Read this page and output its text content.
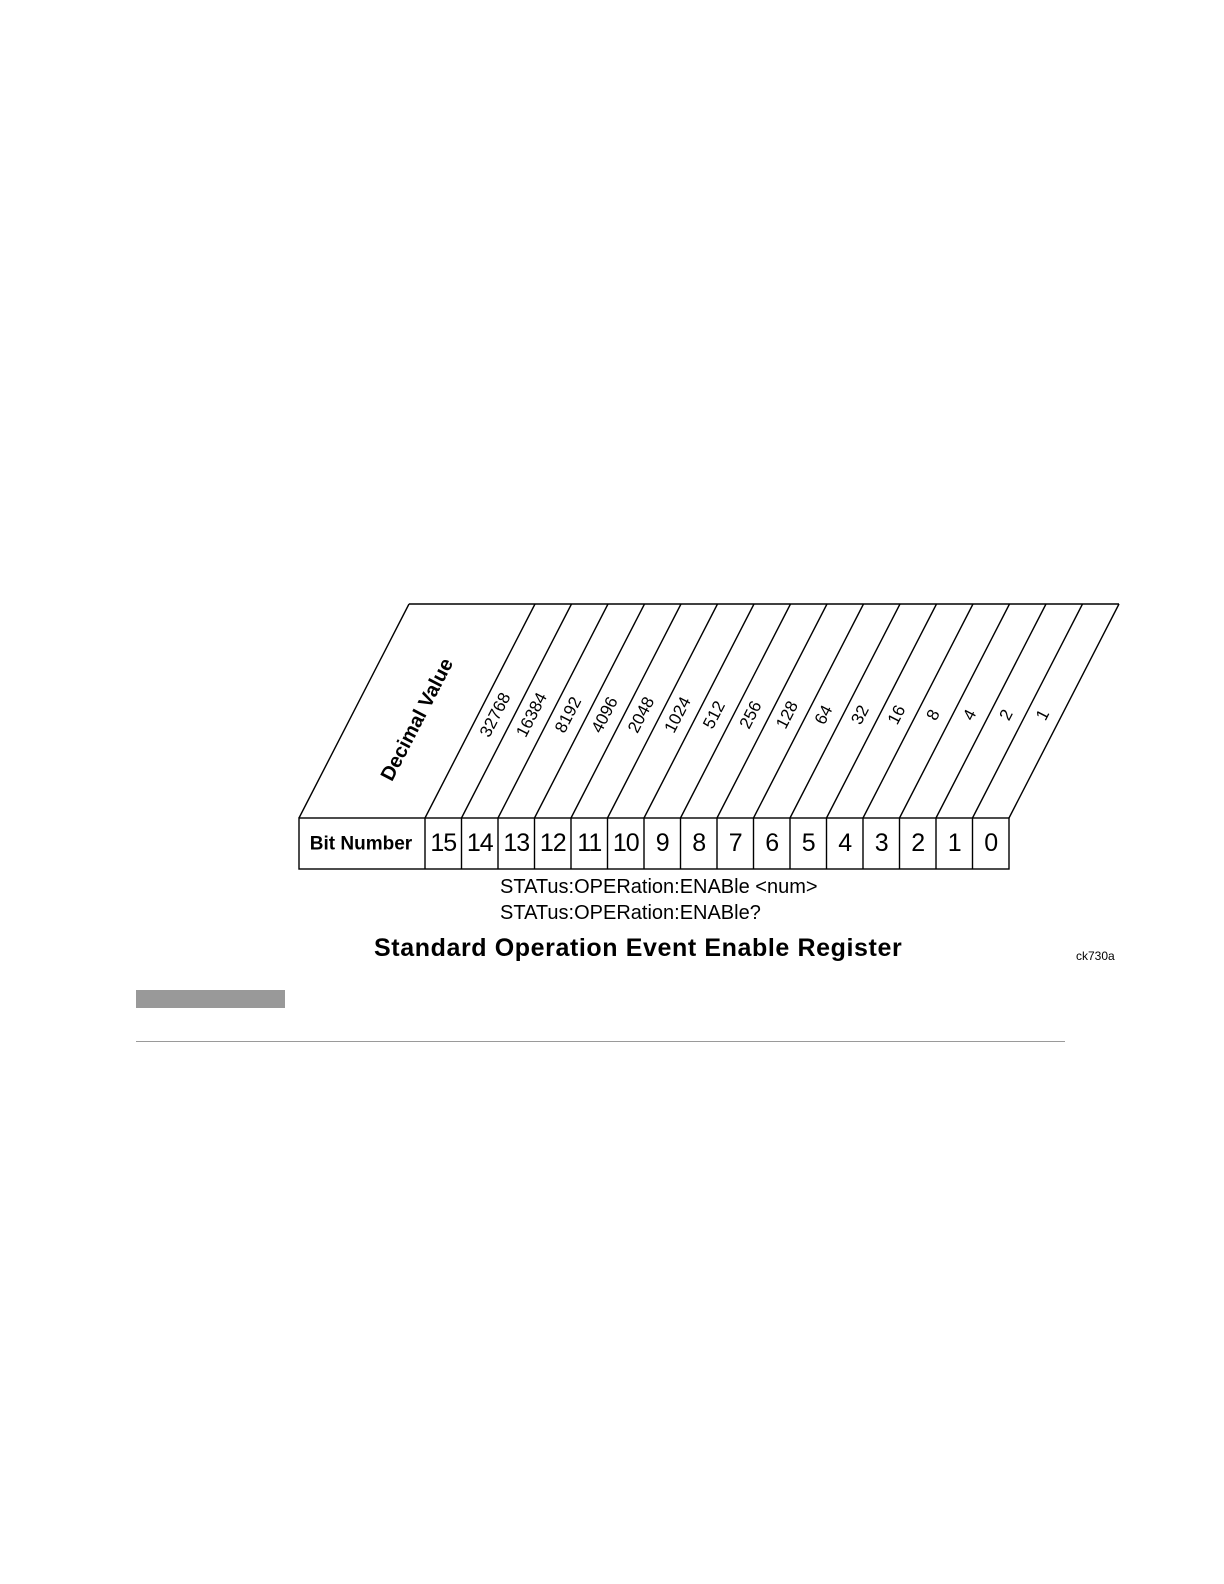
Decimal Value
Bit Number 15 14 13 12 11 10 9 8 7 6 5 4 3 2 1 0
32768
16384 8192 4096 2048 1024 512 256 128 64 32 16 8 4 2 1
STATus:OPERation:ENABle <num>
STATus:OPERation:ENABle?
Standard Operation Event Enable Register	ck730a
